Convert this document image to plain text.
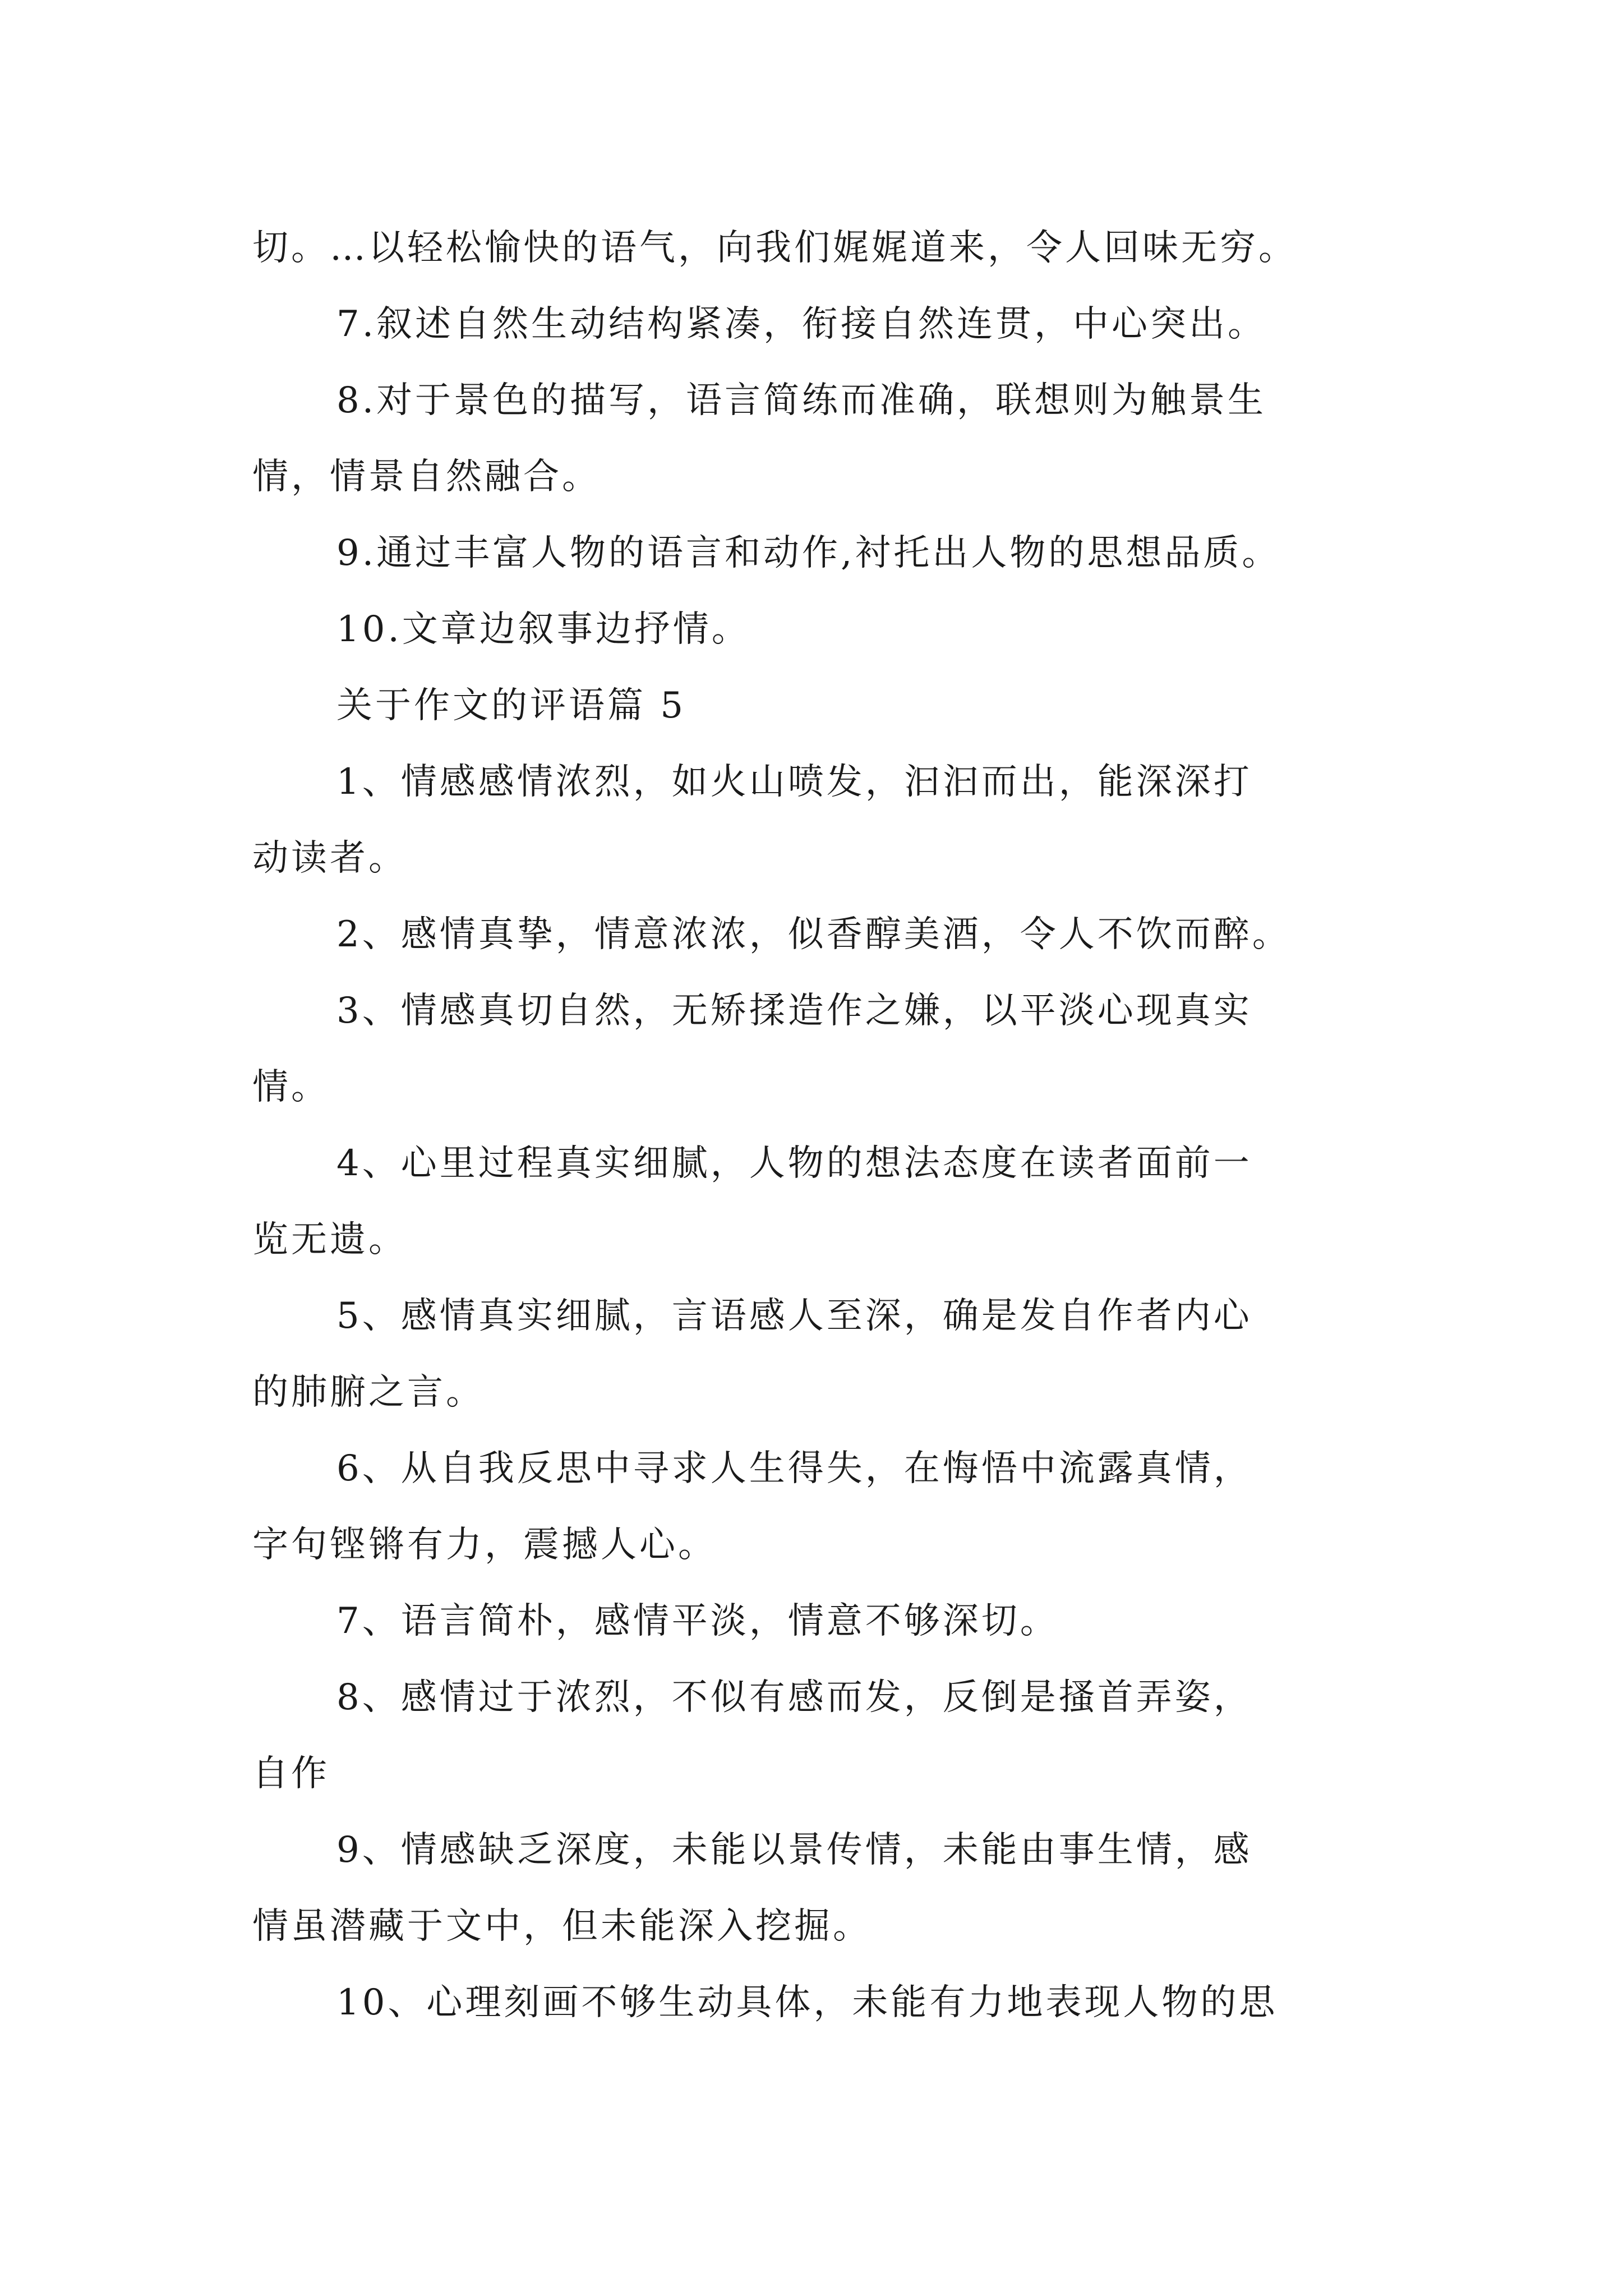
切。…以轻松愉快的语气，向我们娓娓道来，令人回味无穷。
7.叙述自然生动结构紧凑，衔接自然连贯，中心突出。
8.对于景色的描写，语言简练而准确，联想则为触景生
情，情景自然融合。
9.通过丰富人物的语言和动作,衬托出人物的思想品质。
10.文章边叙事边抒情。
关于作文的评语篇 5
1、情感感情浓烈，如火山喷发，汩汩而出，能深深打
动读者。
2、感情真挚，情意浓浓，似香醇美酒，令人不饮而醉。
3、情感真切自然，无矫揉造作之嫌，以平淡心现真实
情。
4、心里过程真实细腻，人物的想法态度在读者面前一
览无遗。
5、感情真实细腻，言语感人至深，确是发自作者内心
的肺腑之言。
6、从自我反思中寻求人生得失，在悔悟中流露真情，
字句铿锵有力，震撼人心。
7、语言简朴，感情平淡，情意不够深切。
8、感情过于浓烈，不似有感而发，反倒是搔首弄姿，
自作
9、情感缺乏深度，未能以景传情，未能由事生情，感
情虽潜藏于文中，但未能深入挖掘。
10、心理刻画不够生动具体，未能有力地表现人物的思
